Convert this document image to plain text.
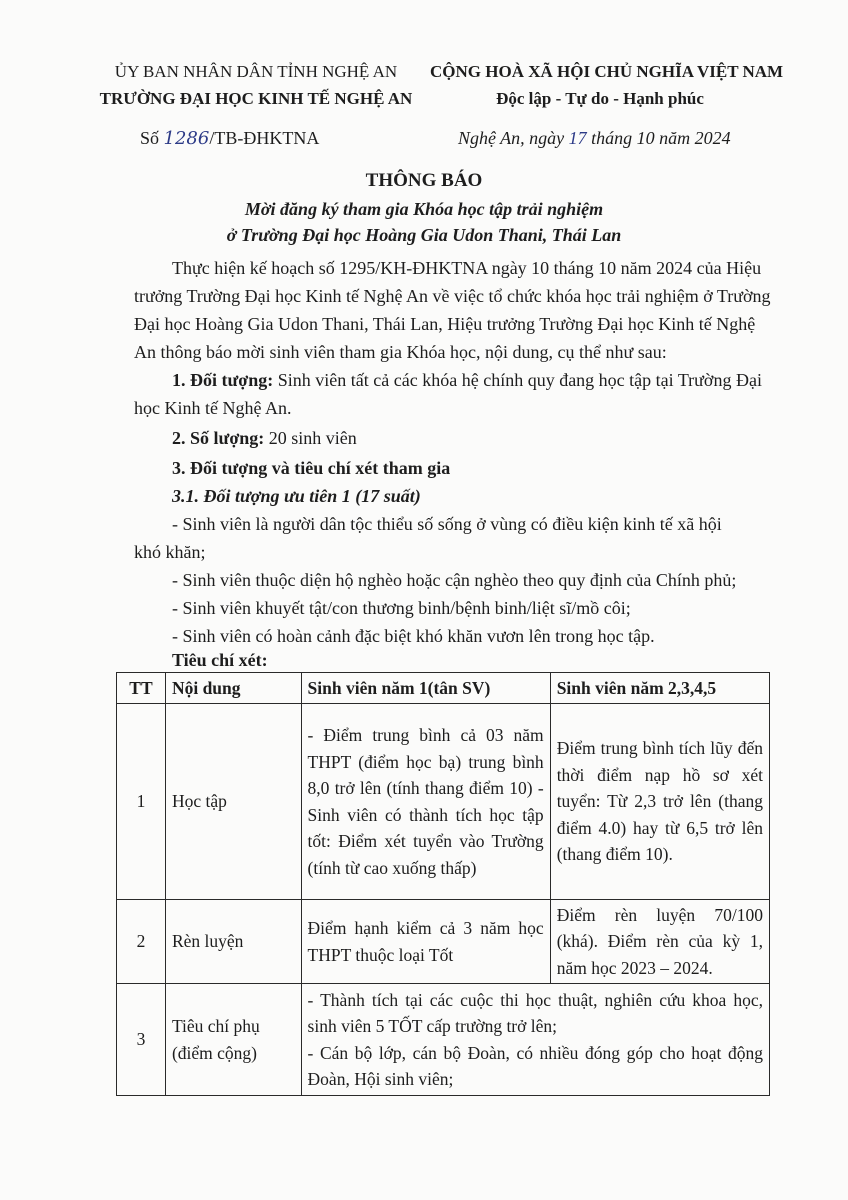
ỦY BAN NHÂN DÂN TỈNH NGHỆ AN
TRƯỜNG ĐẠI HỌC KINH TẾ NGHỆ AN
CỘNG HOÀ XÃ HỘI CHỦ NGHĨA VIỆT NAM
Độc lập - Tự do - Hạnh phúc
Số 1286/TB-ĐHKTNA	Nghệ An, ngày 17 tháng 10 năm 2024
THÔNG BÁO
Mời đăng ký tham gia Khóa học tập trải nghiệm
ở Trường Đại học Hoàng Gia Udon Thani, Thái Lan
Thực hiện kế hoạch số 1295/KH-ĐHKTNA ngày 10 tháng 10 năm 2024 của Hiệu
trưởng Trường Đại học Kinh tế Nghệ An về việc tổ chức khóa học trải nghiệm ở Trường
Đại học Hoàng Gia Udon Thani, Thái Lan, Hiệu trưởng Trường Đại học Kinh tế Nghệ
An thông báo mời sinh viên tham gia Khóa học, nội dung, cụ thể như sau:
1. Đối tượng: Sinh viên tất cả các khóa hệ chính quy đang học tập tại Trường Đại
học Kinh tế Nghệ An.
2. Số lượng: 20 sinh viên
3. Đối tượng và tiêu chí xét tham gia
3.1. Đối tượng ưu tiên 1 (17 suất)
- Sinh viên là người dân tộc thiểu số sống ở vùng có điều kiện kinh tế xã hội
khó khăn;
- Sinh viên thuộc diện hộ nghèo hoặc cận nghèo theo quy định của Chính phủ;
- Sinh viên khuyết tật/con thương binh/bệnh binh/liệt sĩ/mồ côi;
- Sinh viên có hoàn cảnh đặc biệt khó khăn vươn lên trong học tập.
Tiêu chí xét:
TT	Nội dung	Sinh viên năm 1(tân SV)	Sinh viên năm 2,3,4,5
1	Học tập	- Điểm trung bình cả 03 năm THPT (điểm học bạ) trung bình 8,0 trở lên (tính thang điểm 10) - Sinh viên có thành tích học tập tốt: Điểm xét tuyển vào Trường (tính từ cao xuống thấp)	Điểm trung bình tích lũy đến thời điểm nạp hồ sơ xét tuyển: Từ 2,3 trở lên (thang điểm 4.0) hay từ 6,5 trở lên (thang điểm 10).
2	Rèn luyện	Điểm hạnh kiểm cả 3 năm học THPT thuộc loại Tốt	Điểm rèn luyện 70/100 (khá). Điểm rèn của kỳ 1, năm học 2023 – 2024.
3	Tiêu chí phụ (điểm cộng)	- Thành tích tại các cuộc thi học thuật, nghiên cứu khoa học, sinh viên 5 TỐT cấp trường trở lên;
- Cán bộ lớp, cán bộ Đoàn, có nhiều đóng góp cho hoạt động Đoàn, Hội sinh viên;	
